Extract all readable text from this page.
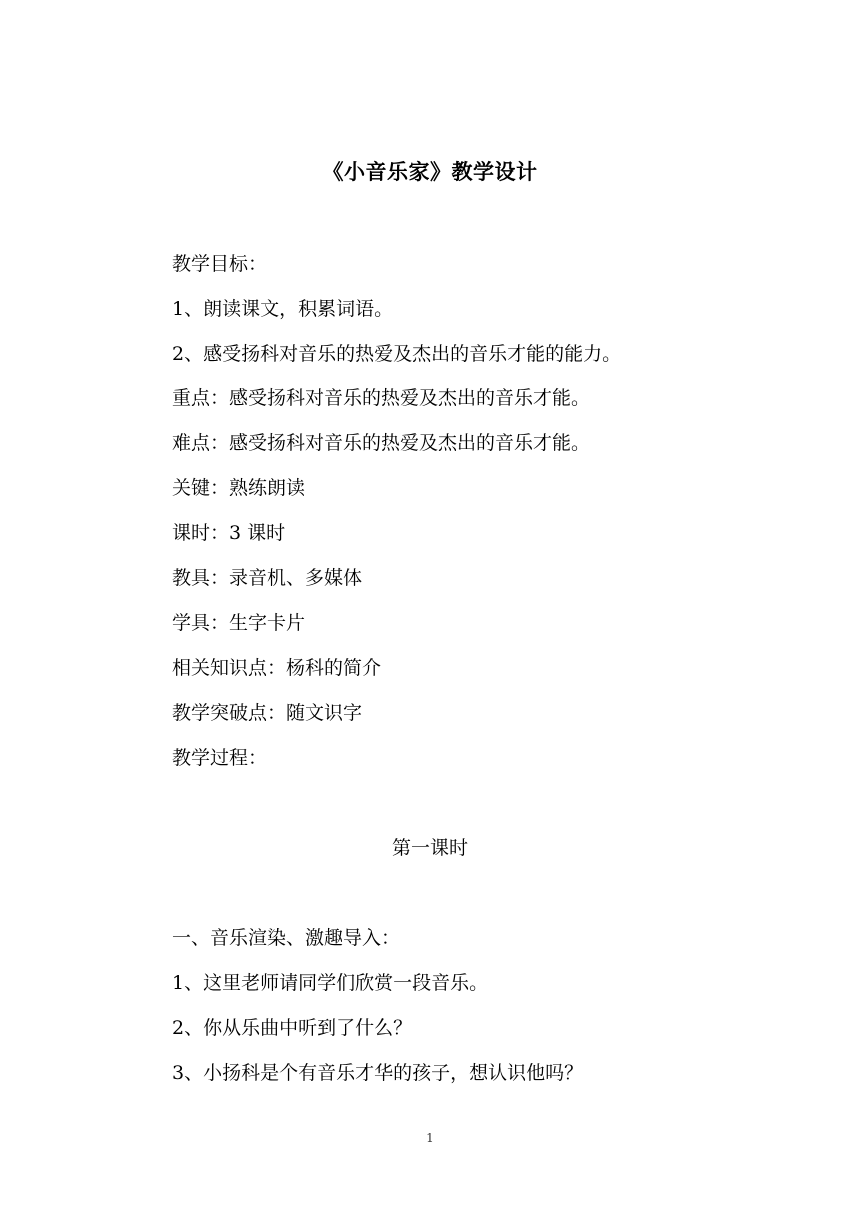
《小音乐家》教学设计
教学目标：
1、朗读课文，积累词语。
2、感受扬科对音乐的热爱及杰出的音乐才能的能力。
重点：感受扬科对音乐的热爱及杰出的音乐才能。
难点：感受扬科对音乐的热爱及杰出的音乐才能。
关键：熟练朗读
课时：3 课时
教具：录音机、多媒体
学具：生字卡片
相关知识点：杨科的简介
教学突破点：随文识字
教学过程：
第一课时
一、音乐渲染、激趣导入：
1、这里老师请同学们欣赏一段音乐。
2、你从乐曲中听到了什么？
3、小扬科是个有音乐才华的孩子，想认识他吗？
1
